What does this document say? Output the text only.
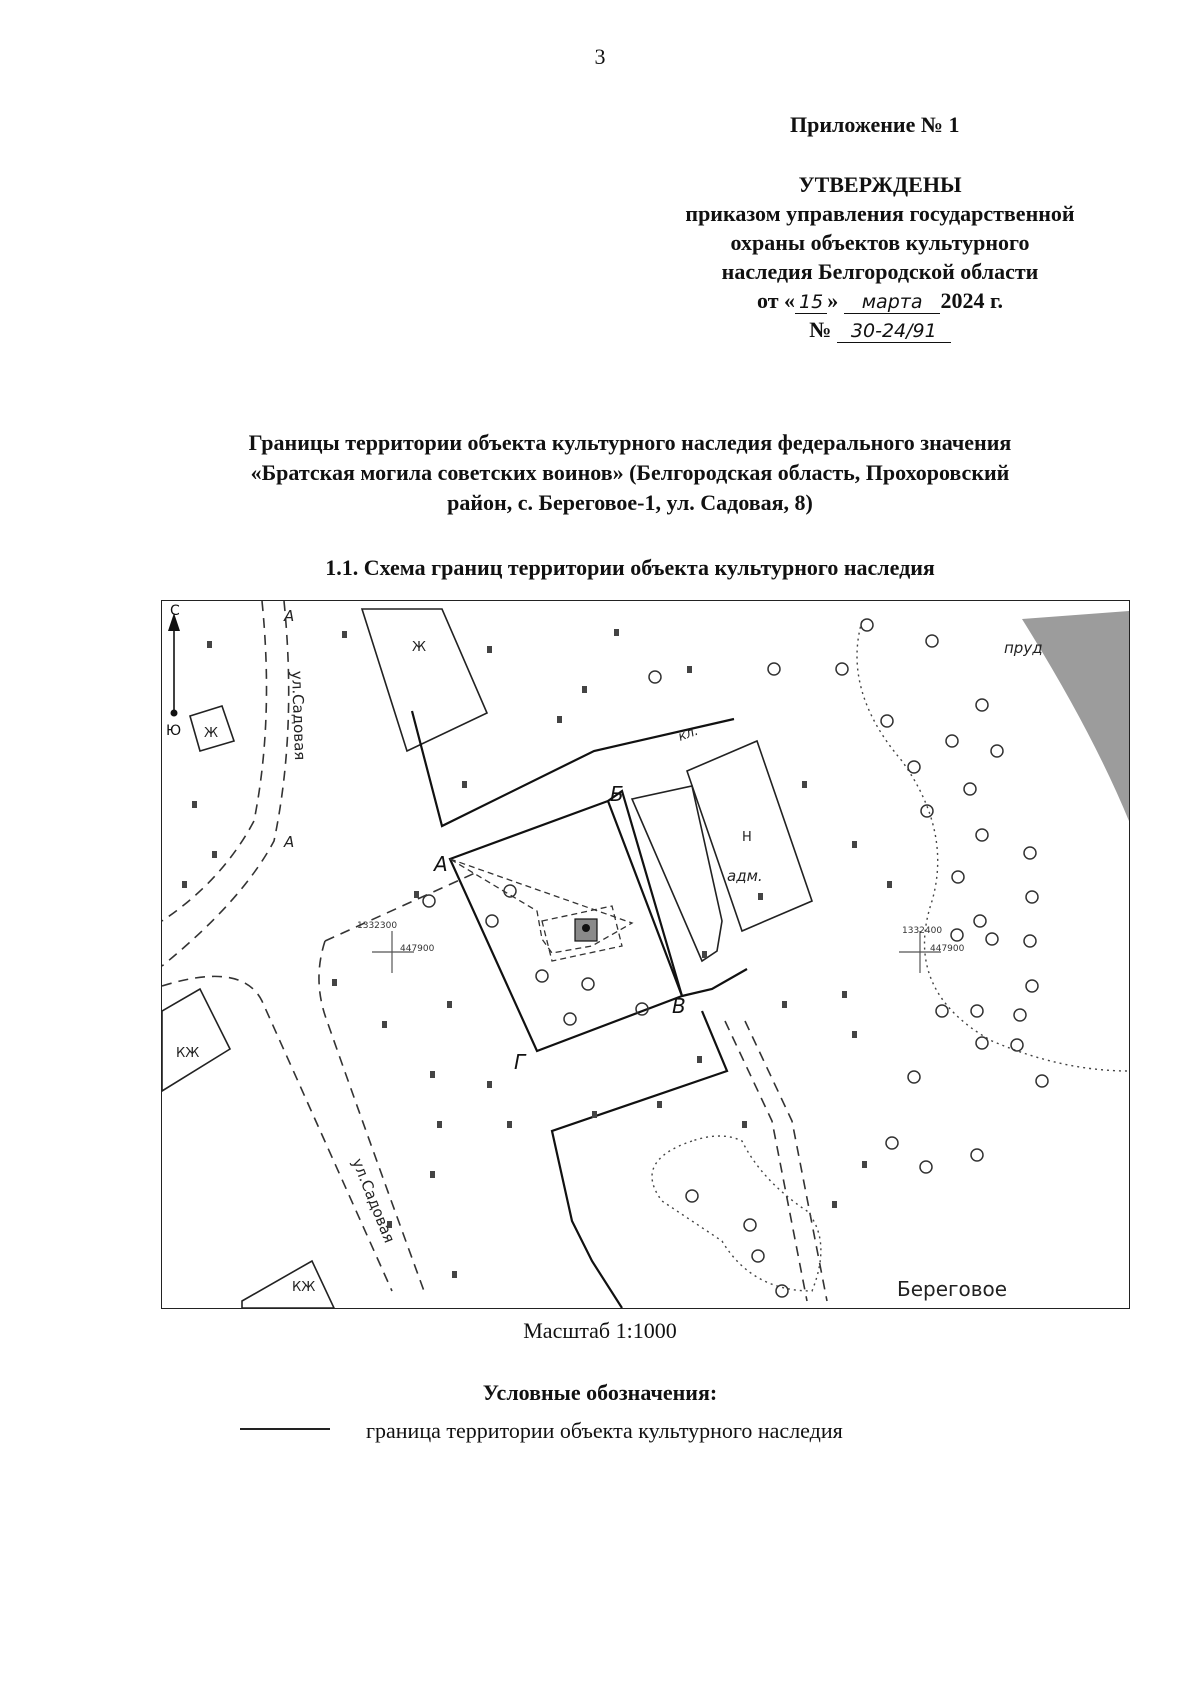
3
Приложение № 1
УТВЕРЖДЕНЫ
приказом управления государственной
охраны объектов культурного
наследия Белгородской области
от « 15 » марта 2024 г.
№ 30-24/91
Границы территории объекта культурного наследия федерального значения
«Братская могила советских воинов» (Белгородская область, Прохоровский
район, с. Береговое-1, ул. Садовая, 8)
1.1. Схема границ территории объекта культурного наследия
С
Ю	ул.Садовая
ул.Садовая
А
А
Ж
Ж
КЖ
КЖ
Н
адм.
А
Б
В
Г
1332300
447900
1332400
447900
пруд
кл.
Береговое
Масштаб 1:1000
Условные обозначения:
граница территории объекта культурного наследия
